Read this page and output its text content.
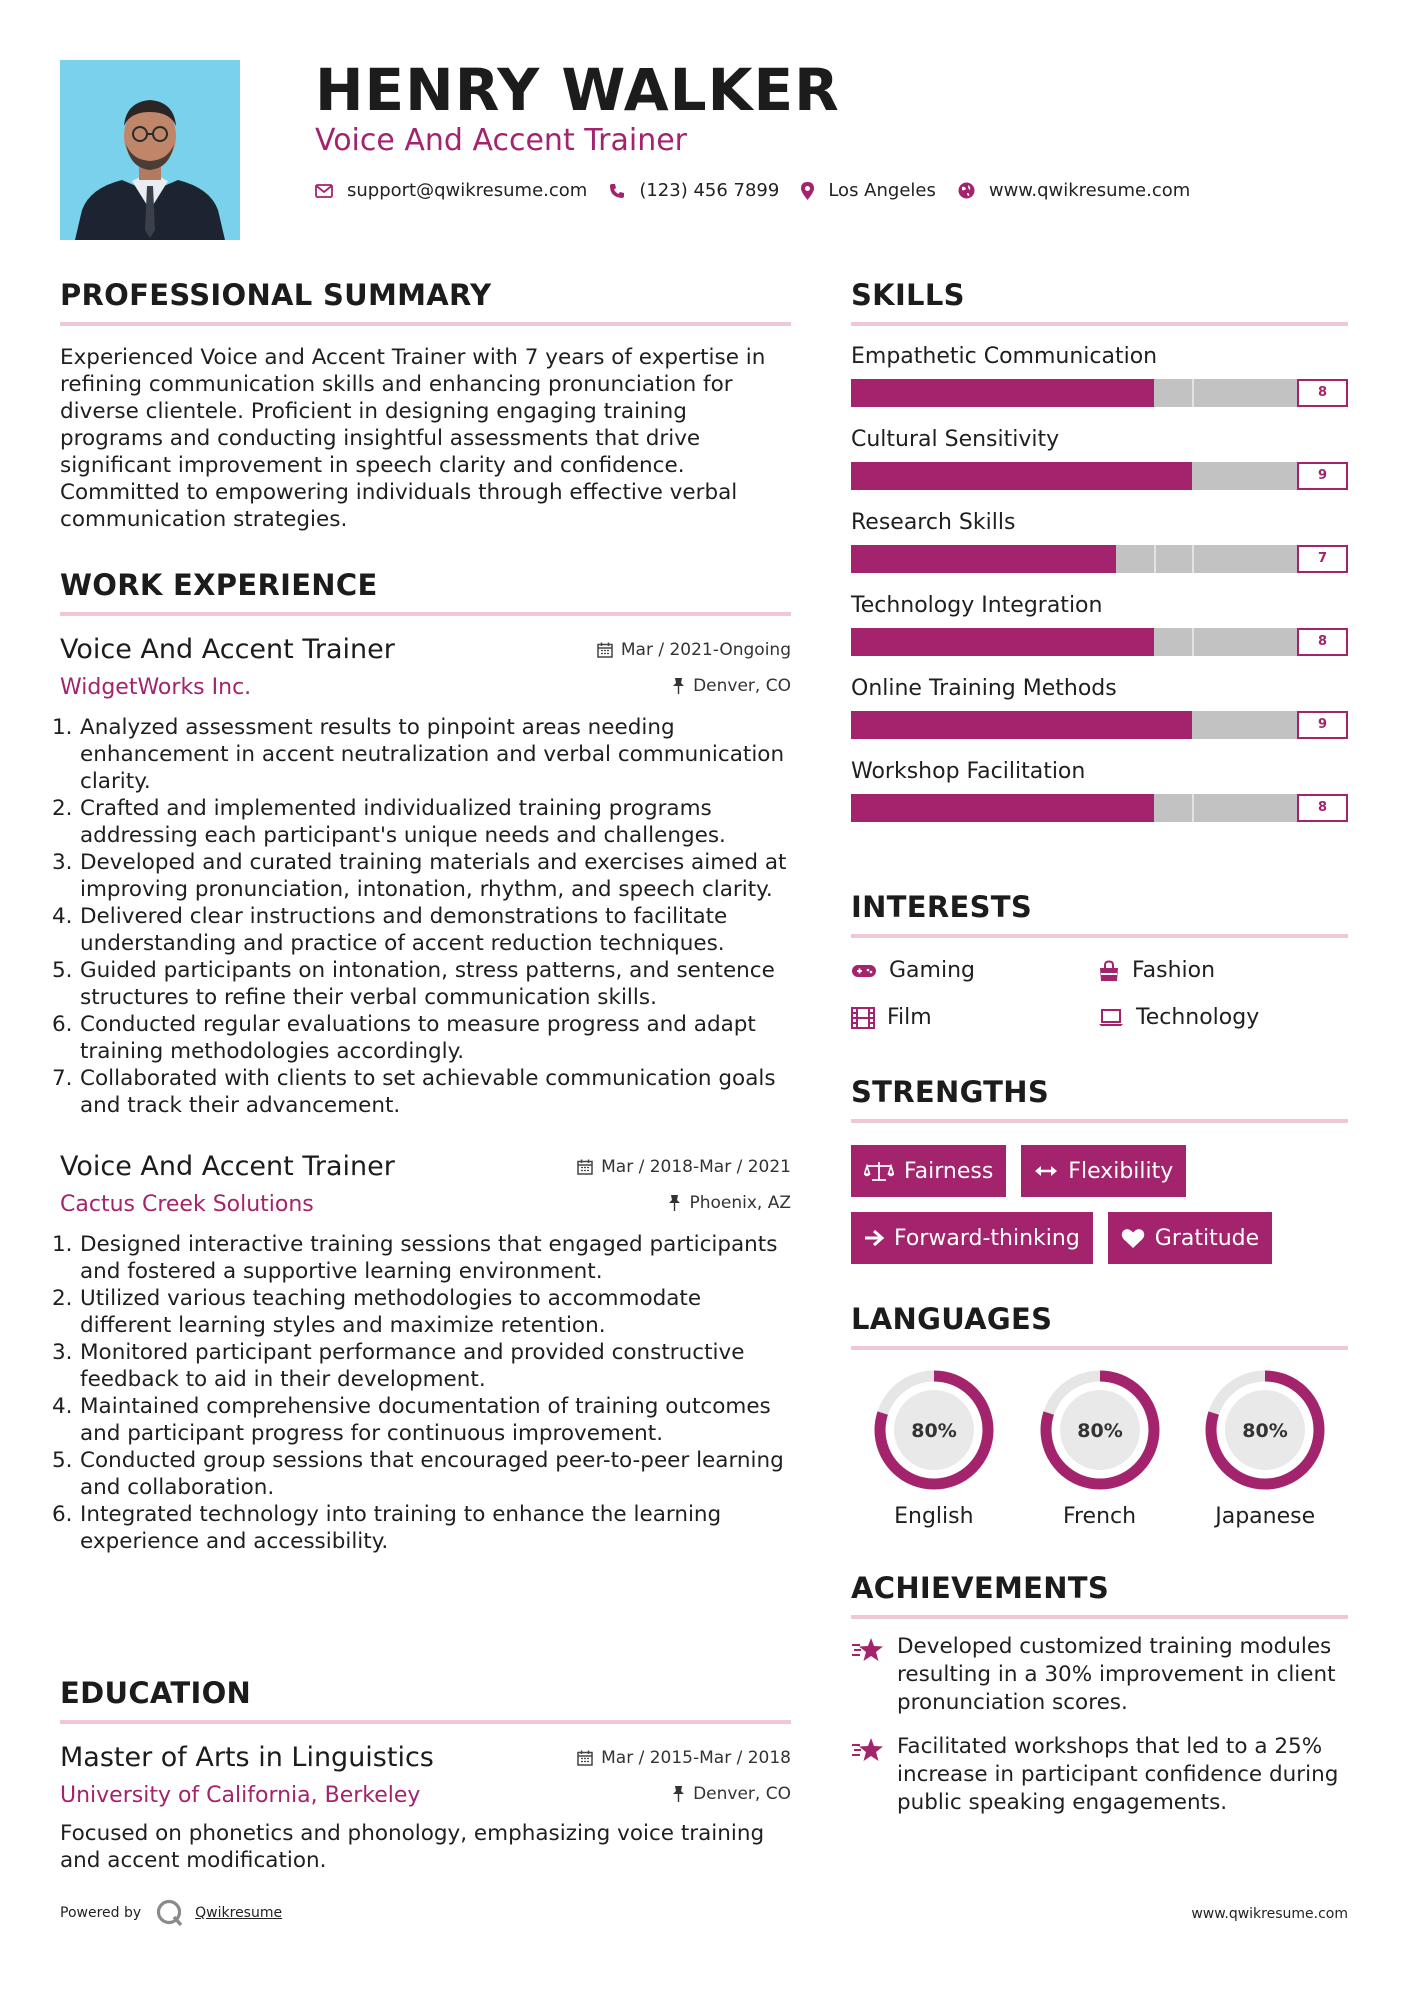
HENRY WALKER
Voice And Accent Trainer
support@qwikresume.com	(123) 456 7899	Los Angeles	www.qwikresume.com
PROFESSIONAL SUMMARY

Experienced Voice and Accent Trainer with 7 years of expertise in refining communication skills and enhancing pronunciation for diverse clientele. Proficient in designing engaging training programs and conducting insightful assessments that drive significant improvement in speech clarity and confidence. Committed to empowering individuals through effective verbal communication strategies.

WORK EXPERIENCE
Voice And Accent Trainer	Mar / 2021-Ongoing
WidgetWorks Inc.	Denver, CO
1. Analyzed assessment results to pinpoint areas needing enhancement in accent neutralization and verbal communication clarity.
2. Crafted and implemented individualized training programs addressing each participant's unique needs and challenges.
3. Developed and curated training materials and exercises aimed at improving pronunciation, intonation, rhythm, and speech clarity.
4. Delivered clear instructions and demonstrations to facilitate understanding and practice of accent reduction techniques.
5. Guided participants on intonation, stress patterns, and sentence structures to refine their verbal communication skills.
6. Conducted regular evaluations to measure progress and adapt training methodologies accordingly.
7. Collaborated with clients to set achievable communication goals and track their advancement.
Voice And Accent Trainer	Mar / 2018-Mar / 2021
Cactus Creek Solutions	Phoenix, AZ
1. Designed interactive training sessions that engaged participants and fostered a supportive learning environment.
2. Utilized various teaching methodologies to accommodate different learning styles and maximize retention.
3. Monitored participant performance and provided constructive feedback to aid in their development.
4. Maintained comprehensive documentation of training outcomes and participant progress for continuous improvement.
5. Conducted group sessions that encouraged peer-to-peer learning and collaboration.
6. Integrated technology into training to enhance the learning experience and accessibility.
EDUCATION
Master of Arts in Linguistics	Mar / 2015-Mar / 2018
University of California, Berkeley	Denver, CO

Focused on phonetics and phonology, emphasizing voice training and accent modification.

SKILLS
Empathetic Communication
8
Cultural Sensitivity
9
Research Skills
7
Technology Integration
8
Online Training Methods
9
Workshop Facilitation
8
INTERESTS
Gaming	Fashion
Film	Technology
STRENGTHS
Fairness	Flexibility
Forward-thinking	Gratitude
LANGUAGES
80%
English
80%
French
80%
Japanese
ACHIEVEMENTS
Developed customized training modules resulting in a 30% improvement in client pronunciation scores.
Facilitated workshops that led to a 25% increase in participant confidence during public speaking engagements.
Powered by	Qwikresume	www.qwikresume.com
